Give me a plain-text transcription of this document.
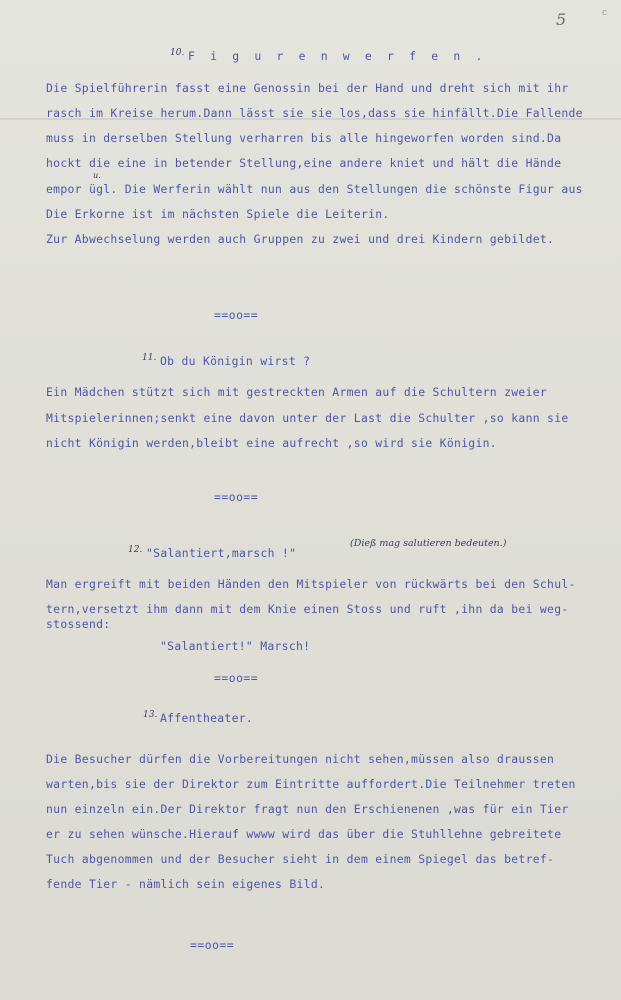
5	c
10. F i g u r e n w e r f e n .
Die Spielführerin fasst eine Genossin bei der Hand und dreht sich mit ihr
rasch im Kreise herum.Dann lässt sie sie los,dass sie hinfällt.Die Fallende
muss in derselben Stellung verharren bis alle hingeworfen worden sind.Da
hockt die eine in betender Stellung,eine andere kniet und hält die Hände
u.
empor ügl. Die Werferin wählt nun aus den Stellungen die schönste Figur aus
Die Erkorne ist im nächsten Spiele die Leiterin.
Zur Abwechselung werden auch Gruppen zu zwei und drei Kindern gebildet.
==oo==
11. Ob du Königin wirst ?
Ein Mädchen stützt sich mit gestreckten Armen auf die Schultern zweier
Mitspielerinnen;senkt eine davon unter der Last die Schulter ,so kann sie
nicht Königin werden,bleibt eine aufrecht ,so wird sie Königin.
==oo==
12. "Salantiert,marsch !"
(Dieß mag salutieren bedeuten.)
Man ergreift mit beiden Händen den Mitspieler von rückwärts bei den Schul-
tern,versetzt ihm dann mit dem Knie einen Stoss und ruft ,ihn da bei weg-
stossend:
"Salantiert!" Marsch!
==oo==
13. Affentheater.
Die Besucher dürfen die Vorbereitungen nicht sehen,müssen also draussen
warten,bis sie der Direktor zum Eintritte auffordert.Die Teilnehmer treten
nun einzeln ein.Der Direktor fragt nun den Erschienenen ,was für ein Tier
er zu sehen wünsche.Hierauf wwww wird das über die Stuhllehne gebreitete
Tuch abgenommen und der Besucher sieht in dem einem Spiegel das betref-
fende Tier - nämlich sein eigenes Bild.
==oo==
